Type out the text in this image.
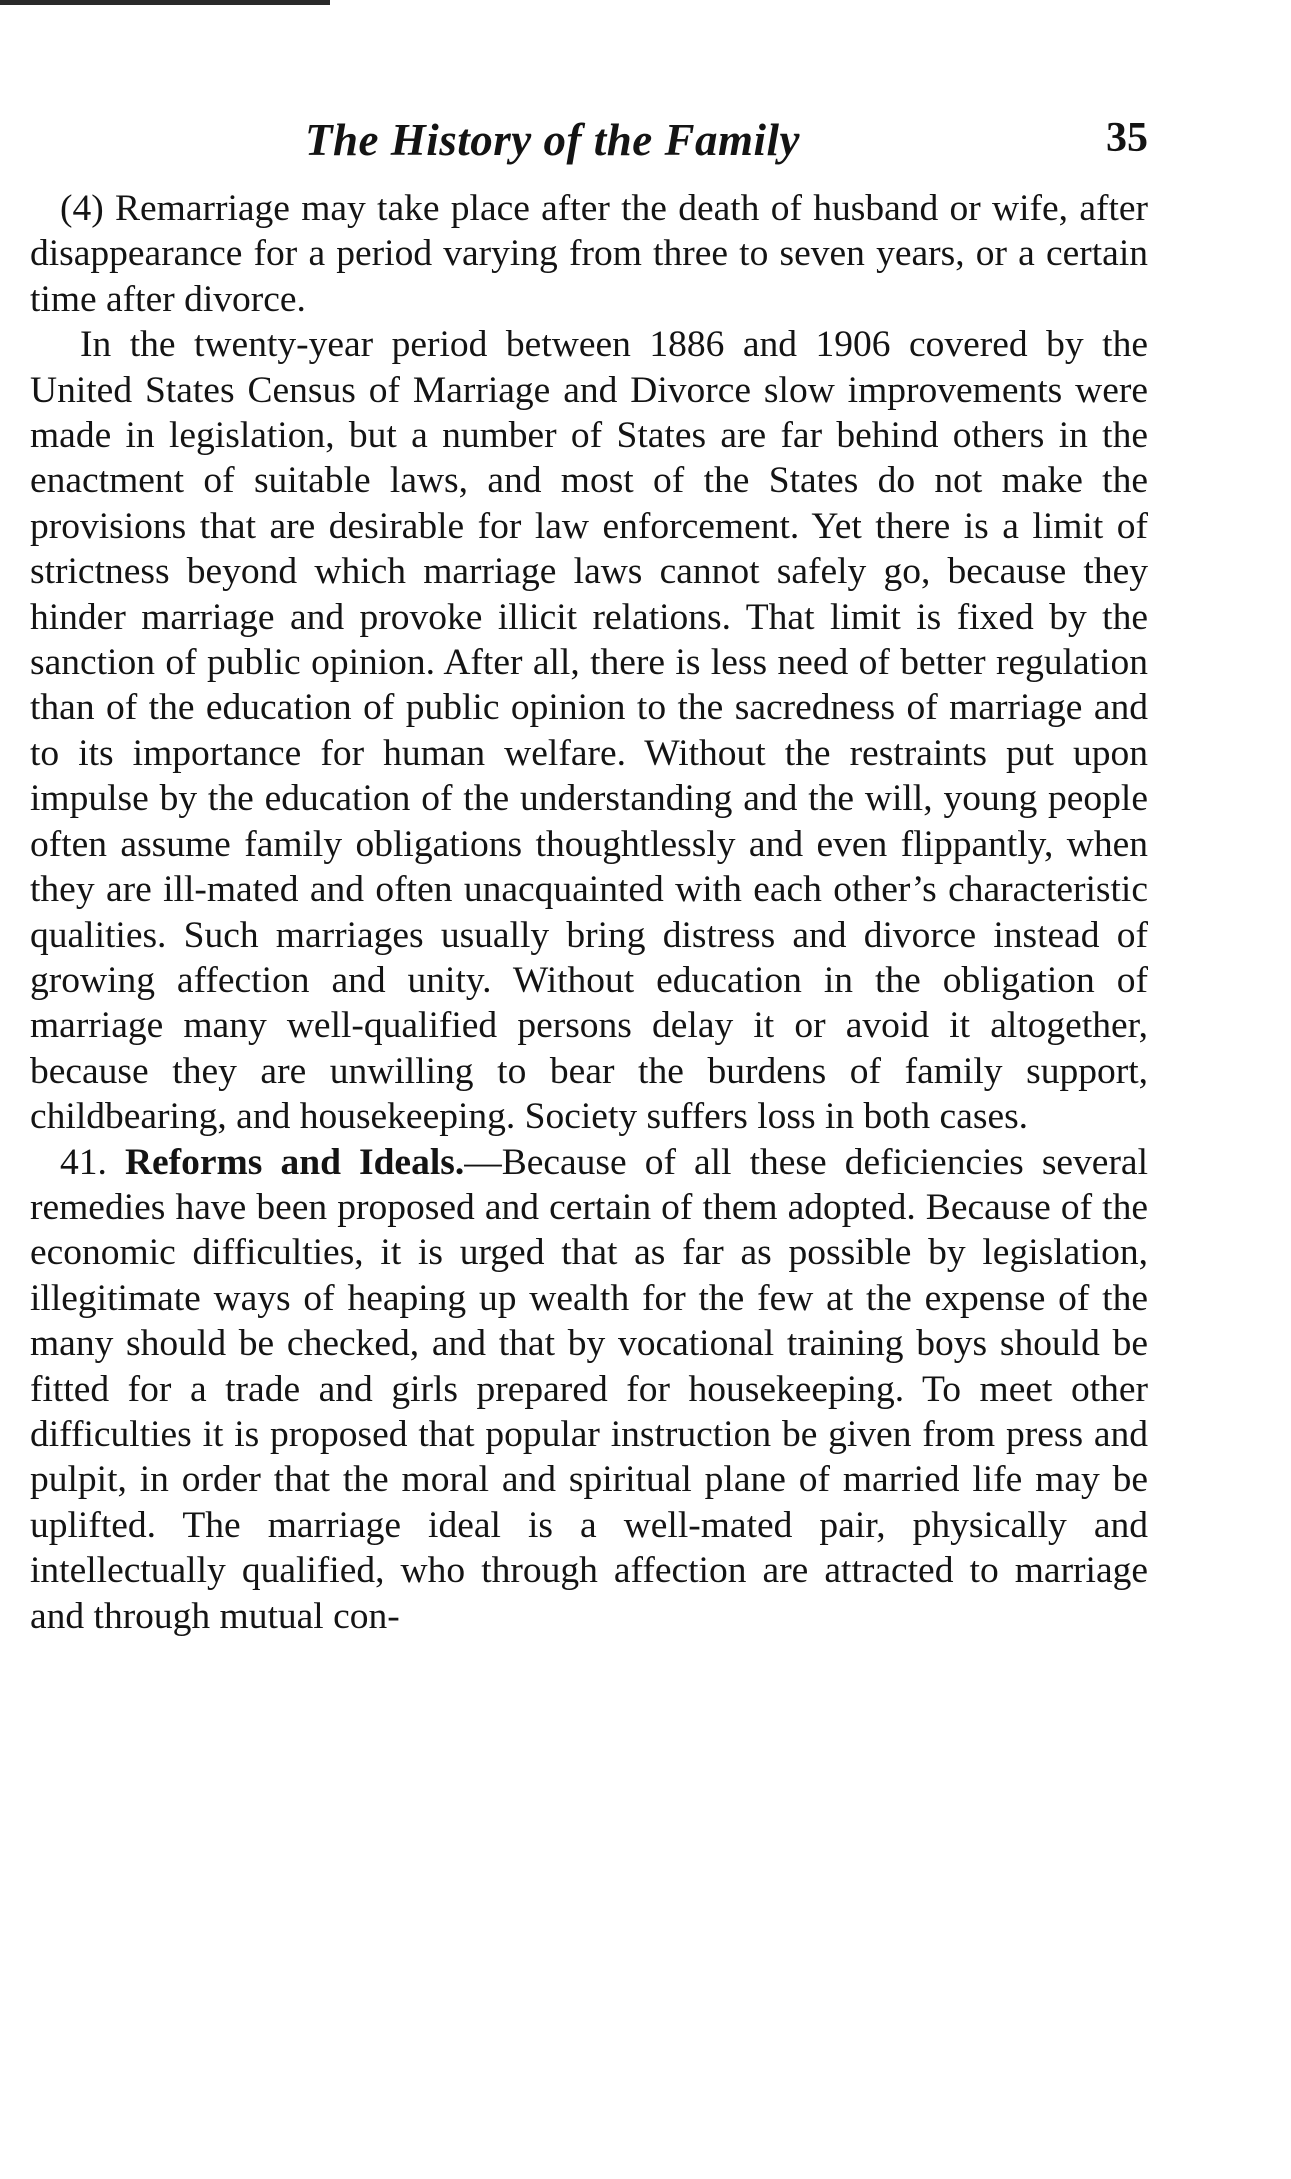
The History of the Family	35

(4) Remarriage may take place after the death of husband or wife, after disappearance for a period varying from three to seven years, or a certain time after divorce.

In the twenty-year period between 1886 and 1906 covered by the United States Census of Marriage and Divorce slow improvements were made in legislation, but a number of States are far behind others in the enactment of suitable laws, and most of the States do not make the provisions that are desirable for law enforcement. Yet there is a limit of strictness beyond which marriage laws cannot safely go, because they hinder marriage and provoke illicit relations. That limit is fixed by the sanction of public opinion. After all, there is less need of better regulation than of the education of public opinion to the sacredness of marriage and to its importance for human welfare. Without the restraints put upon impulse by the education of the understanding and the will, young people often assume family obligations thoughtlessly and even flippantly, when they are ill-mated and often unacquainted with each other’s characteristic qualities. Such marriages usually bring distress and divorce instead of growing affection and unity. Without education in the obligation of marriage many well-qualified persons delay it or avoid it altogether, because they are unwilling to bear the burdens of family support, childbearing, and housekeeping. Society suffers loss in both cases.

41. Reforms and Ideals.—Because of all these deficiencies several remedies have been proposed and certain of them adopted. Because of the economic difficulties, it is urged that as far as possible by legislation, illegitimate ways of heaping up wealth for the few at the expense of the many should be checked, and that by vocational training boys should be fitted for a trade and girls prepared for housekeeping. To meet other difficulties it is proposed that popular instruction be given from press and pulpit, in order that the moral and spiritual plane of married life may be uplifted. The marriage ideal is a well-mated pair, physically and intellectually qualified, who through affection are attracted to marriage and through mutual con-
